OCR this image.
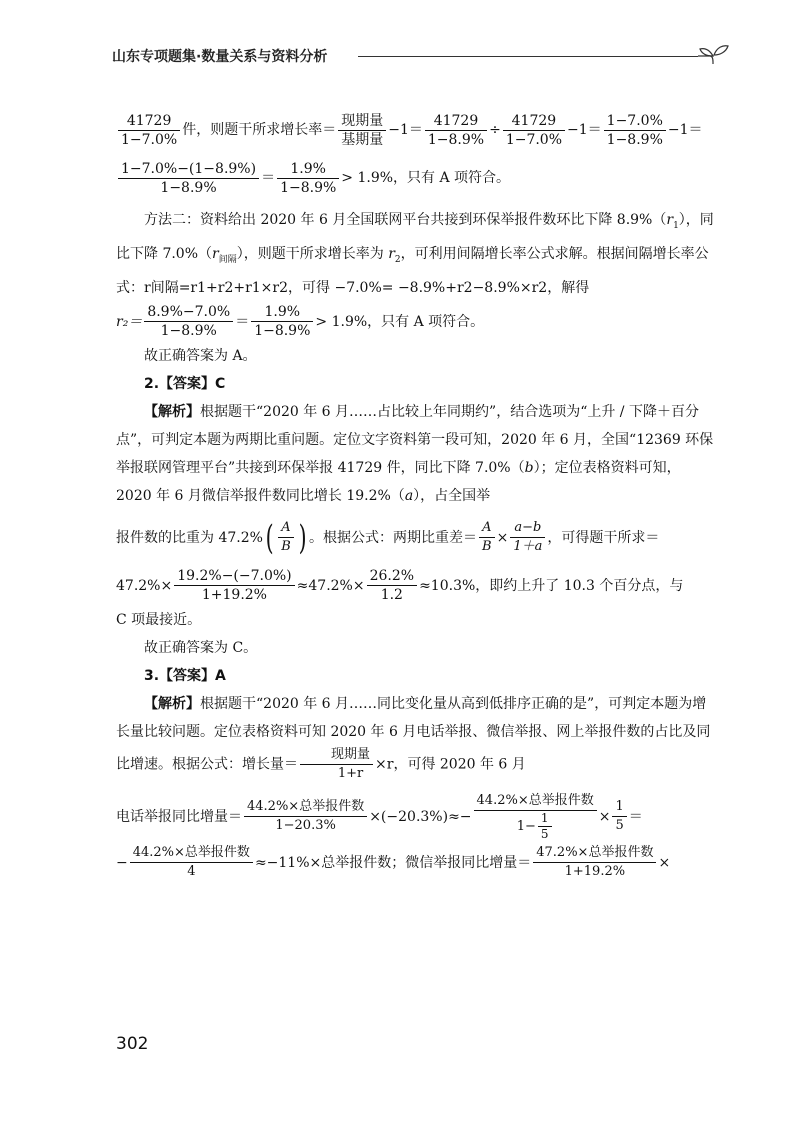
山东专项题集·数量关系与资料分析

$\frac{41729}{1-7.0\%}$ 件，则题干所求增长率＝ $\frac{\text{现期量}}{\text{基期量}} -1= \frac{41729}{1-8.9\%} \div \frac{41729}{1-7.0\%} -1= \frac{1-7.0\%}{1-8.9\%} -1=$

$\frac{1-7.0\%-(1-8.9\%)}{1-8.9\%} = \frac{1.9\%}{1-8.9\%} > 1.9\%$，只有 A 项符合。

方法二：资料给出 2020 年 6 月全国联网平台共接到环保举报件数环比下降 $8.9\%(r_1)$，同比下降 $7.0\%(r_{间隔})$，则题干所求增长率为 $r_2$，可利用间隔增长率公式求解。根据间隔增长率公式：r间隔=r1+r2+r1×r2，可得 −7.0%= −8.9%+r2−8.9%×r2，解得

$r_2= \frac{8.9\%-7.0\%}{1-8.9\%} = \frac{1.9\%}{1-8.9\%} > 1.9\%$，只有 A 项符合。

故正确答案为 A。

2.【答案】C

【解析】根据题干“2020 年 6 月……占比较上年同期约”，结合选项为“上升 / 下降＋百分点”，可判定本题为两期比重问题。定位文字资料第一段可知，2020 年 6 月，全国“12369 环保举报联网管理平台”共接到环保举报 41729 件，同比下降 7.0%（b）；定位表格资料可知，2020 年 6 月微信举报件数同比增长 19.2%（a），占全国举

报件数的比重为 $47.2\%( \frac{A}{B}$ ) 。根据公式：两期比重差＝ $\frac{A}{B} \times \frac{a-b}{1+a}$ ，可得题干所求＝

$47.2\%\times \frac{19.2\%-(-7.0\%)}{1+19.2\%} \approx 47.2\%\times \frac{26.2\%}{1.2} \approx 10.3\%$，即约上升了 10.3 个百分点，与

C 项最接近。

故正确答案为 C。

3.【答案】A

【解析】根据题干“2020 年 6 月……同比变化量从高到低排序正确的是”，可判定本题为增长量比较问题。定位表格资料可知 2020 年 6 月电话举报、微信举报、网上举报件数的占比及同比增速。根据公式：增长量＝ $\frac{\text{现期量}}{1+r} \times r$，可得 2020 年 6 月

电话举报同比增量＝ $\frac{\text{44.2\%×总举报件数}}{1-20.3\%} \times(-20.3\%)\approx- \frac{\text{44.2\%×总举报件数}}{1- \frac{1}{5}} \times \frac{1}{5}$ ＝

− $\frac{\text{44.2\%×总举报件数}}{4} \approx-11\%\times$总举报件数；微信举报同比增量＝ $\frac{\text{47.2\%×总举报件数}}{1+19.2\%}$ ×

302
